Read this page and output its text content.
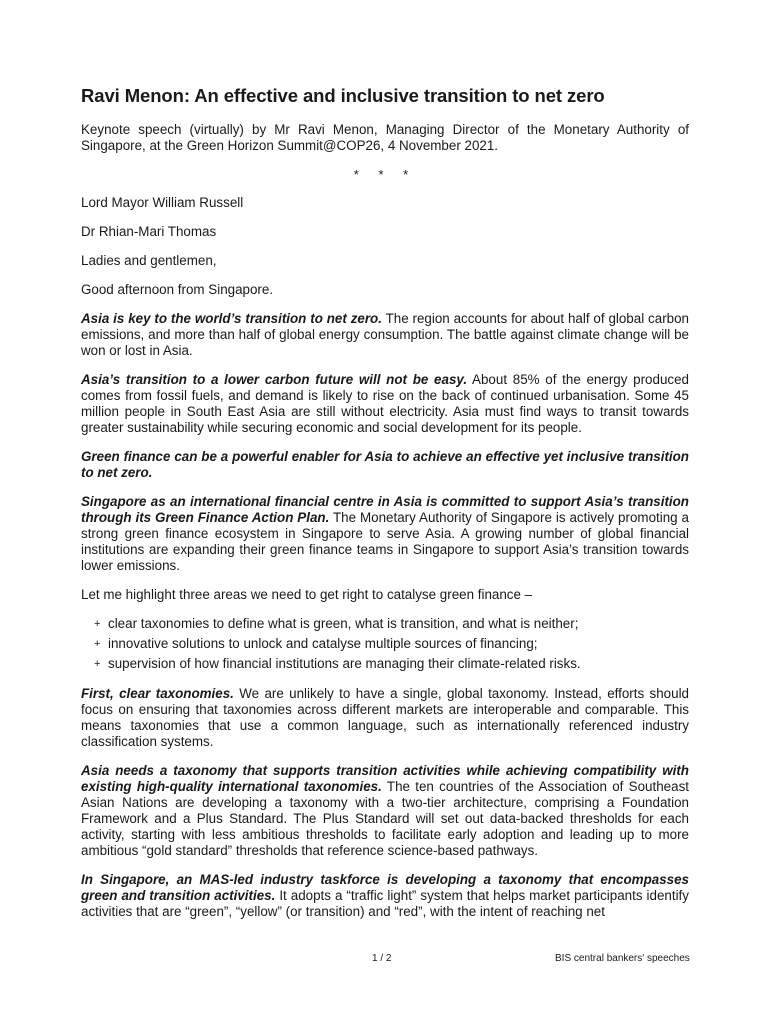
Ravi Menon: An effective and inclusive transition to net zero

Keynote speech (virtually) by Mr Ravi Menon, Managing Director of the Monetary Authority of Singapore, at the Green Horizon Summit@COP26, 4 November 2021.

* * *

Lord Mayor William Russell

Dr Rhian-Mari Thomas

Ladies and gentlemen,

Good afternoon from Singapore.

Asia is key to the world’s transition to net zero. The region accounts for about half of global carbon emissions, and more than half of global energy consumption. The battle against climate change will be won or lost in Asia.

Asia’s transition to a lower carbon future will not be easy. About 85% of the energy produced comes from fossil fuels, and demand is likely to rise on the back of continued urbanisation. Some 45 million people in South East Asia are still without electricity. Asia must find ways to transit towards greater sustainability while securing economic and social development for its people.

Green finance can be a powerful enabler for Asia to achieve an effective yet inclusive transition to net zero.

Singapore as an international financial centre in Asia is committed to support Asia’s transition through its Green Finance Action Plan. The Monetary Authority of Singapore is actively promoting a strong green finance ecosystem in Singapore to serve Asia. A growing number of global financial institutions are expanding their green finance teams in Singapore to support Asia’s transition towards lower emissions.

Let me highlight three areas we need to get right to catalyse green finance –

+ clear taxonomies to define what is green, what is transition, and what is neither;
+ innovative solutions to unlock and catalyse multiple sources of financing;
+ supervision of how financial institutions are managing their climate-related risks.

First, clear taxonomies. We are unlikely to have a single, global taxonomy. Instead, efforts should focus on ensuring that taxonomies across different markets are interoperable and comparable. This means taxonomies that use a common language, such as internationally referenced industry classification systems.

Asia needs a taxonomy that supports transition activities while achieving compatibility with existing high-quality international taxonomies. The ten countries of the Association of Southeast Asian Nations are developing a taxonomy with a two-tier architecture, comprising a Foundation Framework and a Plus Standard. The Plus Standard will set out data-backed thresholds for each activity, starting with less ambitious thresholds to facilitate early adoption and leading up to more ambitious “gold standard” thresholds that reference science-based pathways.

In Singapore, an MAS-led industry taskforce is developing a taxonomy that encompasses green and transition activities. It adopts a “traffic light” system that helps market participants identify activities that are “green”, “yellow” (or transition) and “red”, with the intent of reaching net

1 / 2	BIS central bankers' speeches
